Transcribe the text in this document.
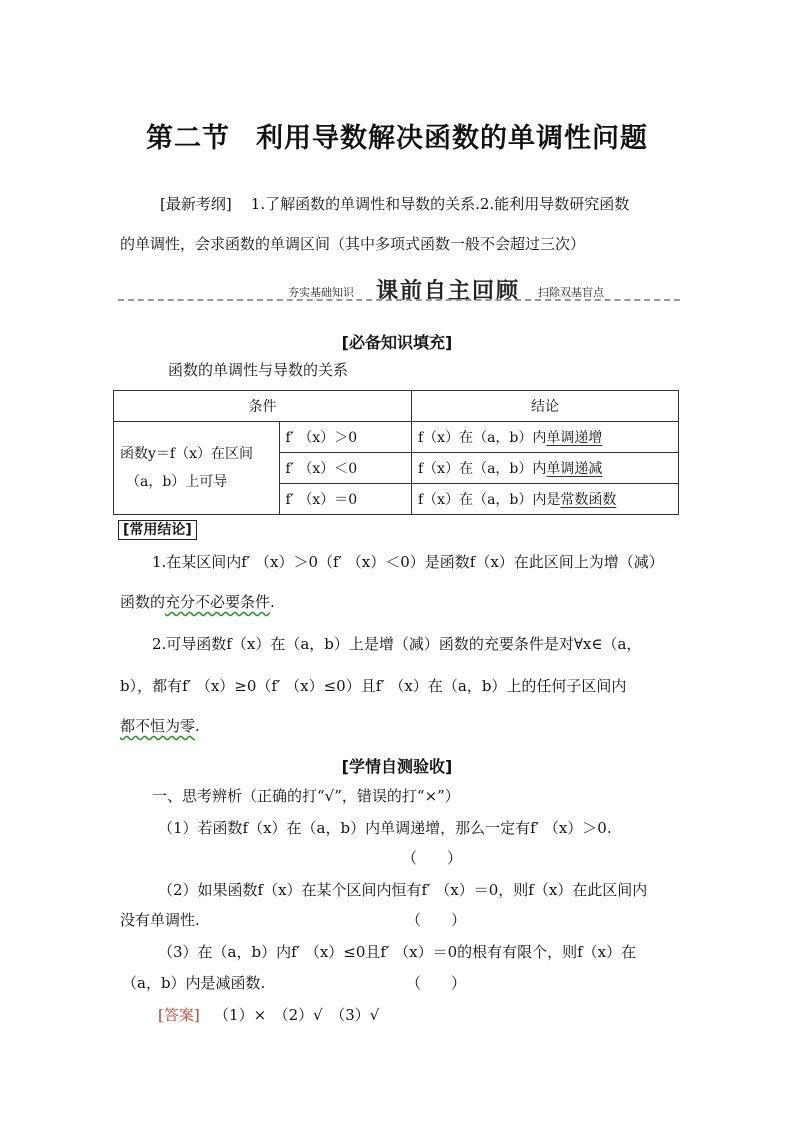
第二节 利用导数解决函数的单调性问题
[最新考纲] 1.了解函数的单调性和导数的关系.2.能利用导数研究函数
的单调性，会求函数的单调区间（其中多项式函数一般不会超过三次）
夯实基础知识 课前自主回顾 扫除双基盲点
[必备知识填充]
函数的单调性与导数的关系
条件		结论

函数y＝f（x）在区间
（a，b）上可导	f′ （x）＞0	f（x）在（a，b）内单调递增
	f′ （x）＜0	f（x）在（a，b）内单调递减
	f′ （x）＝0	f（x）在（a，b）内是常数函数
[常用结论]
1.在某区间内f′ （x）＞0（f′ （x）＜0）是函数f（x）在此区间上为增（减）
函数的充分不必要条件.
2.可导函数f（x）在（a，b）上是增（减）函数的充要条件是对∀x∈（a，
b），都有f′ （x）≥0（f′ （x）≤0）且f′ （x）在（a，b）上的任何子区间内
都不恒为零.
[学情自测验收]
一、思考辨析（正确的打“√”，错误的打“×”）
（1）若函数f（x）在（a，b）内单调递增，那么一定有f′ （x）＞0.
（　　）
（2）如果函数f（x）在某个区间内恒有f′ （x）＝0，则f（x）在此区间内
没有单调性.	（　　）
（3）在（a，b）内f′ （x）≤0且f′ （x）＝0的根有有限个，则f（x）在
（a，b）内是减函数.	（　　）
[答案] （1）×　（2）√　（3）√
